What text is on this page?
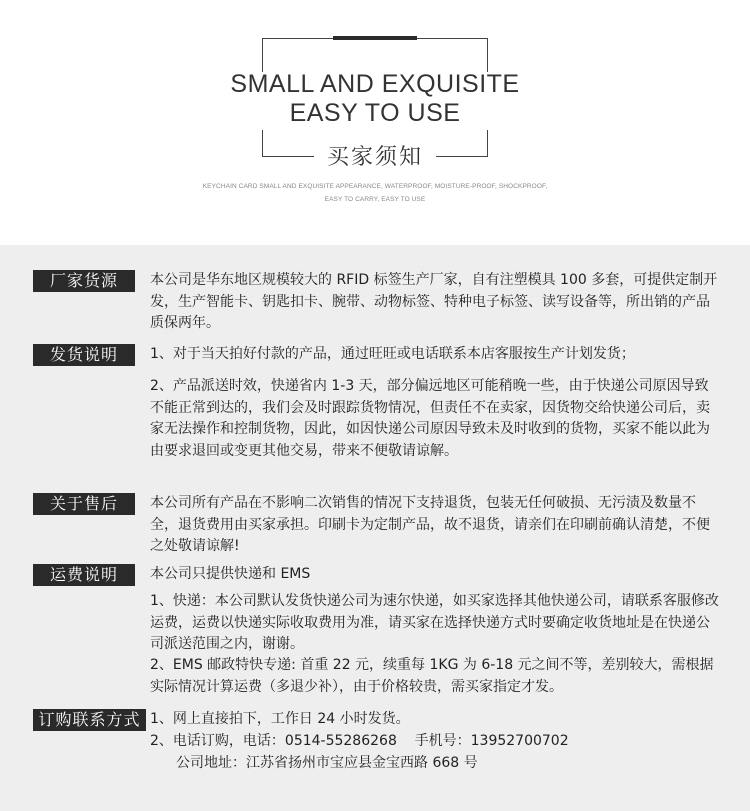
SMALL AND EXQUISITE
EASY TO USE
买家须知
KEYCHAIN CARD SMALL AND EXQUISITE APPEARANCE, WATERPROOF, MOISTURE-PROOF, SHOCKPROOF,
EASY TO CARRY, EASY TO USE
厂家货源	本公司是华东地区规模较大的 RFID 标签生产厂家，自有注塑模具 100 多套，可提供定制开发，生产智能卡、钥匙扣卡、腕带、动物标签、特种电子标签、读写设备等，所出销的产品质保两年。

发货说明	1、对于当天拍好付款的产品，通过旺旺或电话联系本店客服按生产计划发货；

2、产品派送时效，快递省内 1-3 天，部分偏远地区可能稍晚一些，由于快递公司原因导致不能正常到达的，我们会及时跟踪货物情况，但责任不在卖家，因货物交给快递公司后，卖家无法操作和控制货物，因此，如因快递公司原因导致未及时收到的货物，买家不能以此为由要求退回或变更其他交易，带来不便敬请谅解。

关于售后	本公司所有产品在不影响二次销售的情况下支持退货，包装无任何破损、无污渍及数量不全，退货费用由买家承担。印刷卡为定制产品，故不退货，请亲们在印刷前确认清楚，不便之处敬请谅解!

运费说明	本公司只提供快递和 EMS

1、快递：本公司默认发货快递公司为速尔快递，如买家选择其他快递公司，请联系客服修改运费，运费以快递实际收取费用为准，请买家在选择快递方式时要确定收货地址是在快递公司派送范围之内，谢谢。

2、EMS 邮政特快专递: 首重 22 元，续重每 1KG 为 6-18 元之间不等，差别较大，需根据实际情况计算运费（多退少补），由于价格较贵，需买家指定才发。

订购联系方式 1、网上直接拍下，工作日 24 小时发货。

2、电话订购，电话：0514-55286268    手机号：13952700702

公司地址：江苏省扬州市宝应县金宝西路 668 号
